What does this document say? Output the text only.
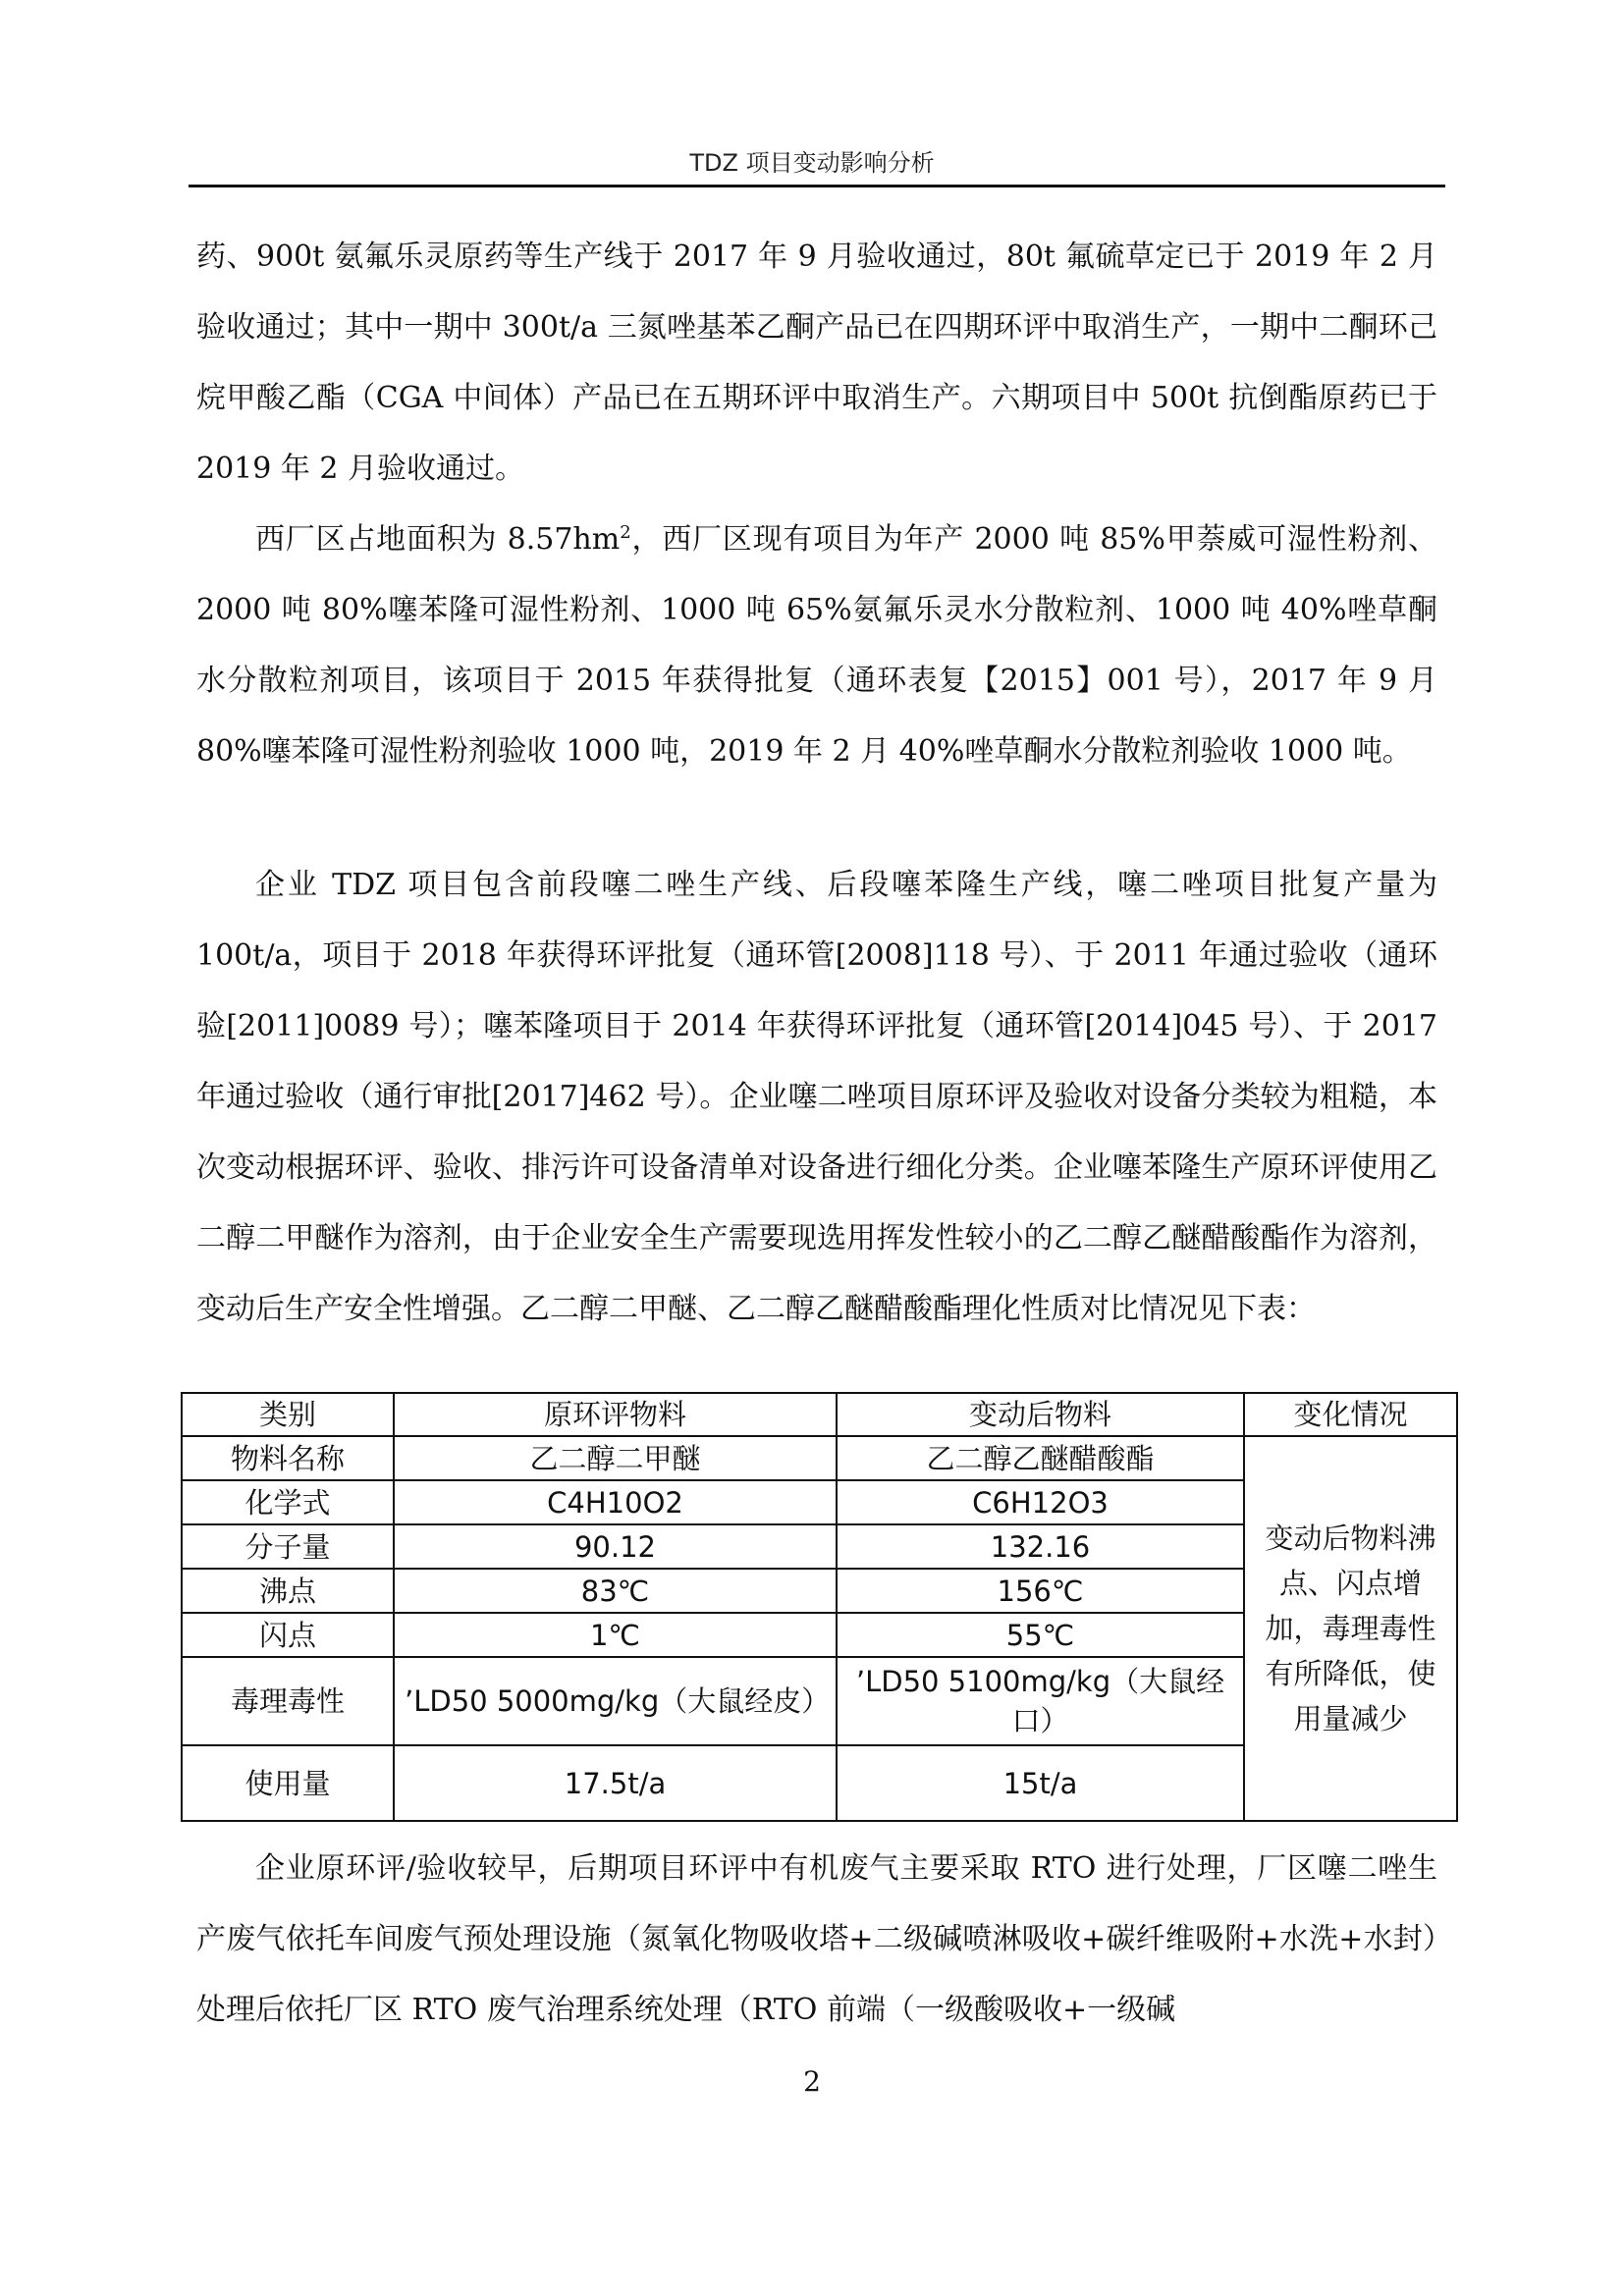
TDZ 项目变动影响分析

药、900t 氨氟乐灵原药等生产线于 2017 年 9 月验收通过，80t 氟硫草定已于 2019 年 2 月验收通过；其中一期中 300t/a 三氮唑基苯乙酮产品已在四期环评中取消生产，一期中二酮环己烷甲酸乙酯（CGA 中间体）产品已在五期环评中取消生产。六期项目中 500t 抗倒酯原药已于 2019 年 2 月验收通过。

西厂区占地面积为 $8.57hm^2$，西厂区现有项目为年产 2000 吨 85%甲萘威可湿性粉剂、2000 吨 80%噻苯隆可湿性粉剂、1000 吨 65%氨氟乐灵水分散粒剂、1000 吨 40%唑草酮水分散粒剂项目，该项目于 2015 年获得批复（通环表复【2015】001 号），2017 年 9 月 80%噻苯隆可湿性粉剂验收 1000 吨，2019 年 2 月 40%唑草酮水分散粒剂验收 1000 吨。

企业 TDZ 项目包含前段噻二唑生产线、后段噻苯隆生产线，噻二唑项目批复产量为 100t/a，项目于 2018 年获得环评批复（通环管[2008]118 号）、于 2011 年通过验收（通环验[2011]0089 号）；噻苯隆项目于 2014 年获得环评批复（通环管[2014]045 号）、于 2017 年通过验收（通行审批[2017]462 号）。企业噻二唑项目原环评及验收对设备分类较为粗糙，本次变动根据环评、验收、排污许可设备清单对设备进行细化分类。企业噻苯隆生产原环评使用乙二醇二甲醚作为溶剂，由于企业安全生产需要现选用挥发性较小的乙二醇乙醚醋酸酯作为溶剂，变动后生产安全性增强。乙二醇二甲醚、乙二醇乙醚醋酸酯理化性质对比情况见下表：

类别	原环评物料	变动后物料	变化情况
物料名称	乙二醇二甲醚	乙二醇乙醚醋酸酯	变动后物料沸点、闪点增加，毒理毒性有所降低，使用量减少
化学式	C4H10O2	C6H12O3	
分子量	90.12	132.16	
沸点	83℃	156℃	
闪点	1℃	55℃	
毒理毒性	’LD50 5000mg/kg（大鼠经皮）	’LD50 5100mg/kg（大鼠经口）	
使用量	17.5t/a	15t/a	

企业原环评/验收较早，后期项目环评中有机废气主要采取 RTO 进行处理，厂区噻二唑生产废气依托车间废气预处理设施（氮氧化物吸收塔+二级碱喷淋吸收+碳纤维吸附+水洗+水封）处理后依托厂区 RTO 废气治理系统处理（RTO 前端（一级酸吸收+一级碱

2
